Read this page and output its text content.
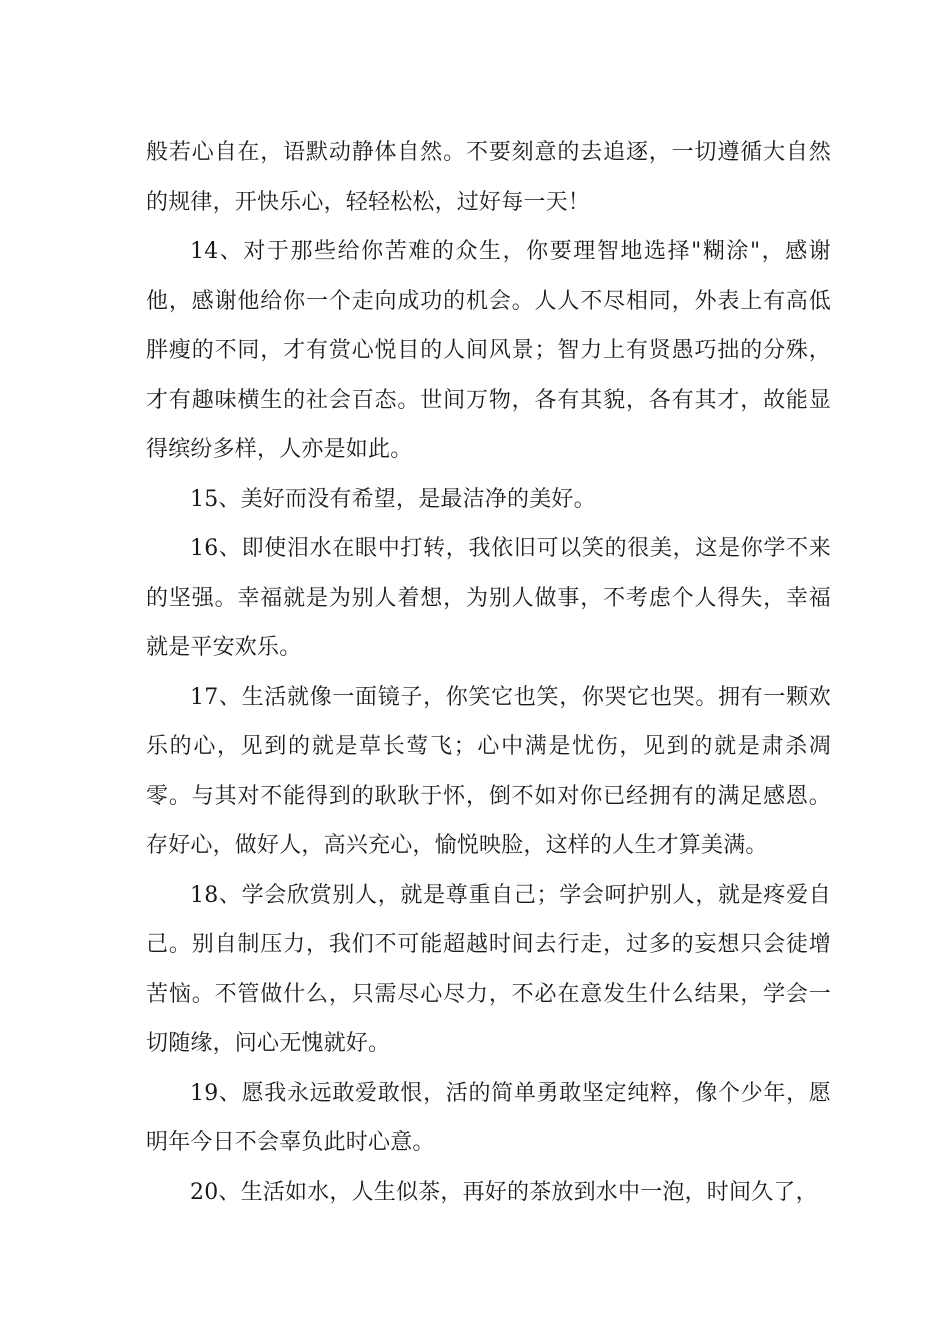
般若心自在，语默动静体自然。不要刻意的去追逐，一切遵循大自然的规律，开快乐心，轻轻松松，过好每一天！

14、对于那些给你苦难的众生，你要理智地选择"糊涂"，感谢他，感谢他给你一个走向成功的机会。人人不尽相同，外表上有高低胖瘦的不同，才有赏心悦目的人间风景；智力上有贤愚巧拙的分殊，才有趣味横生的社会百态。世间万物，各有其貌，各有其才，故能显得缤纷多样，人亦是如此。

15、美好而没有希望，是最洁净的美好。

16、即使泪水在眼中打转，我依旧可以笑的很美，这是你学不来的坚强。幸福就是为别人着想，为别人做事，不考虑个人得失，幸福就是平安欢乐。

17、生活就像一面镜子，你笑它也笑，你哭它也哭。拥有一颗欢乐的心，见到的就是草长莺飞；心中满是忧伤，见到的就是肃杀凋零。与其对不能得到的耿耿于怀，倒不如对你已经拥有的满足感恩。存好心，做好人，高兴充心，愉悦映脸，这样的人生才算美满。

18、学会欣赏别人，就是尊重自己；学会呵护别人，就是疼爱自己。别自制压力，我们不可能超越时间去行走，过多的妄想只会徒增苦恼。不管做什么，只需尽心尽力，不必在意发生什么结果，学会一切随缘，问心无愧就好。

19、愿我永远敢爱敢恨，活的简单勇敢坚定纯粹，像个少年，愿明年今日不会辜负此时心意。

20、生活如水，人生似茶，再好的茶放到水中一泡，时间久了，
